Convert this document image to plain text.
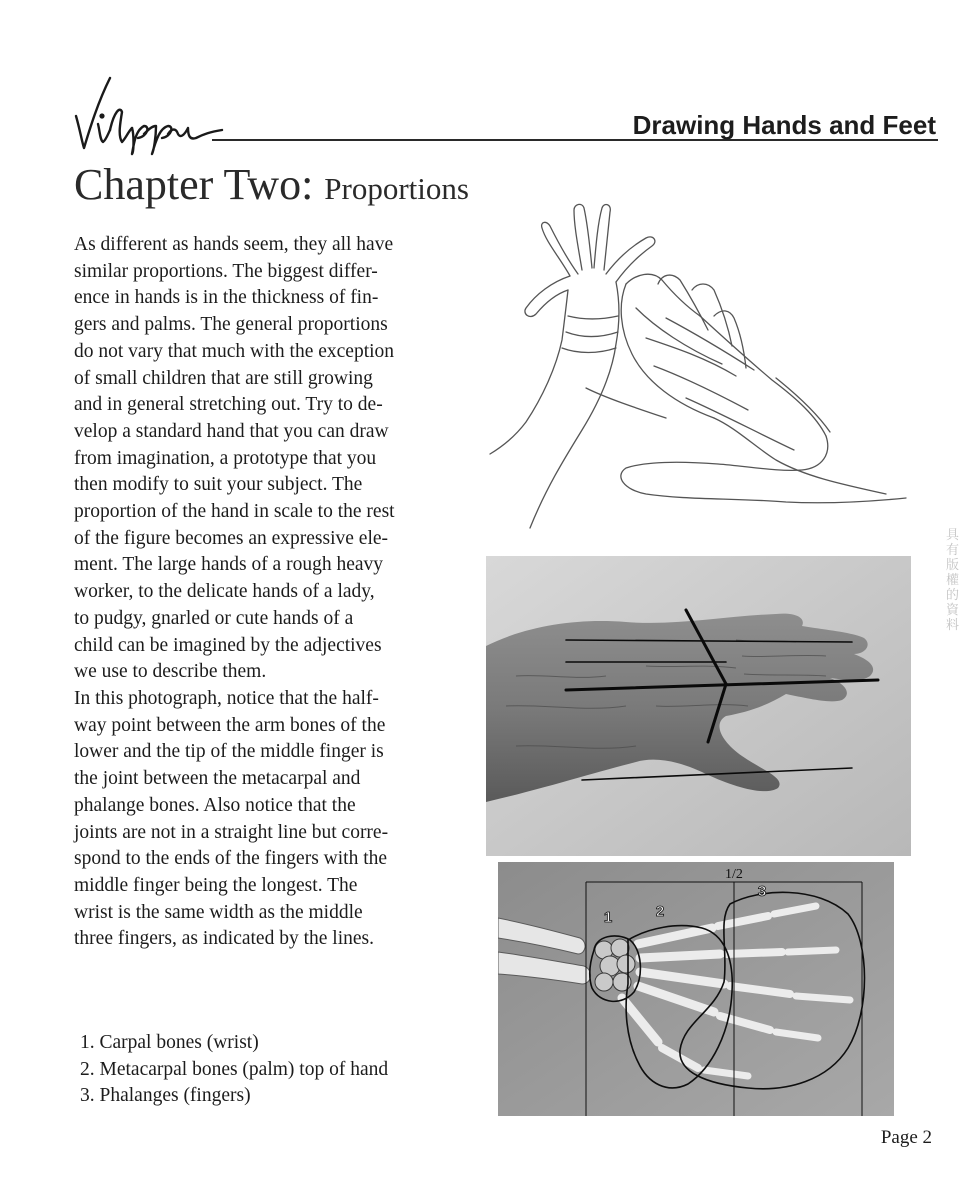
Drawing Hands and Feet
Chapter Two: Proportions

As different as hands seem, they all have
similar proportions. The biggest differ-
ence in hands is in the thickness of fin-
gers and palms. The general proportions
do not vary that much with the exception
of small children that are still growing
and in general stretching out. Try to de-
velop a standard hand that you can draw
from imagination, a prototype that you
then modify to suit your subject. The
proportion of the hand in scale to the rest
of the figure becomes an expressive ele-
ment. The large hands of a rough heavy
worker, to the delicate hands of a lady,
to pudgy, gnarled or cute hands of a
child can be imagined by the adjectives
we use to describe them.

In this photograph, notice that the half-
way point between the arm bones of the
lower and the tip of the middle finger is
the joint between the metacarpal and
phalange bones. Also notice that the
joints are not in a straight line but corre-
spond to the ends of the fingers with the
middle finger being the longest. The
wrist is the same width as the middle
three fingers, as indicated by the lines.

1. Carpal bones (wrist)
2. Metacarpal bones (palm) top of hand
3. Phalanges (fingers)
1/2
1	2
3
具有版權的資料
Page 2
